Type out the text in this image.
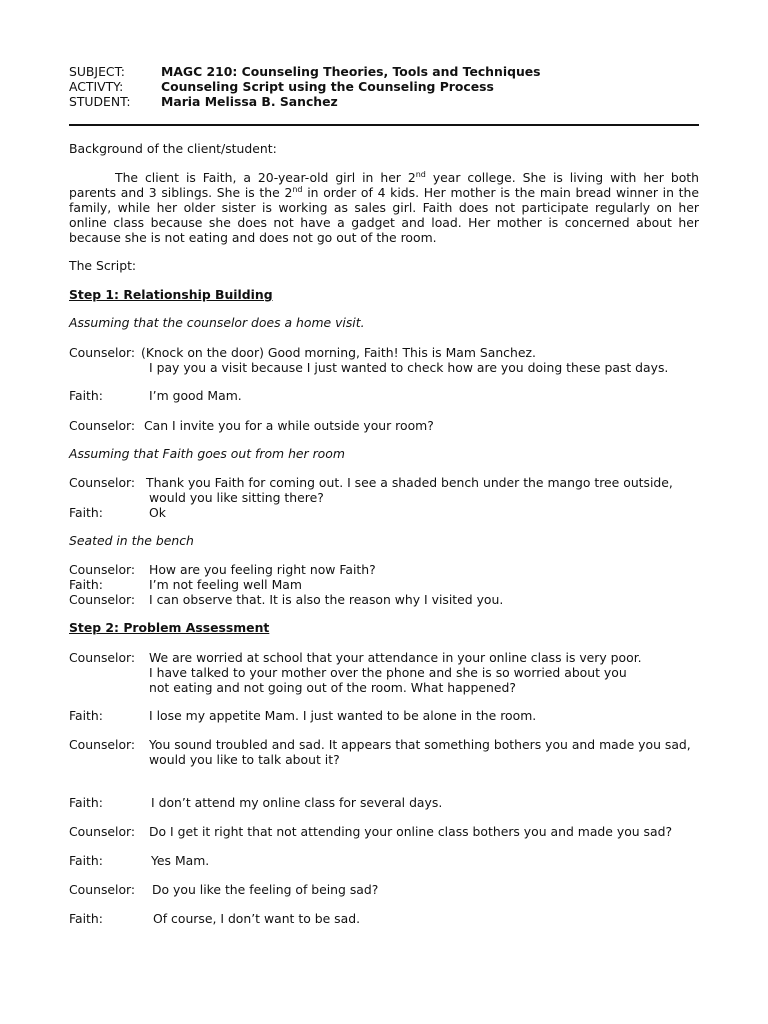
SUBJECT:	MAGC 210: Counseling Theories, Tools and Techniques
ACTIVTY:	Counseling Script using the Counseling Process
STUDENT:	Maria Melissa B. Sanchez
Background of the client/student:
The client is Faith, a 20-year-old girl in her 2nd year college. She is living with her both parents and 3 siblings. She is the 2nd in order of 4 kids. Her mother is the main bread winner in the family, while her older sister is working as sales girl. Faith does not participate regularly on her online class because she does not have a gadget and load. Her mother is concerned about her because she is not eating and does not go out of the room.
The Script:
Step 1: Relationship Building
Assuming that the counselor does a home visit.
Counselor: (Knock on the door) Good morning, Faith! This is Mam Sanchez.
I pay you a visit because I just wanted to check how are you doing these past days.
Faith:	I’m good Mam.
Counselor: Can I invite you for a while outside your room?
Assuming that Faith goes out from her room
Counselor: Thank you Faith for coming out. I see a shaded bench under the mango tree outside,
would you like sitting there?
Faith:	Ok
Seated in the bench
Counselor:	How are you feeling right now Faith?
Faith:	I’m not feeling well Mam
Counselor:	I can observe that. It is also the reason why I visited you.
Step 2: Problem Assessment
Counselor:	We are worried at school that your attendance in your online class is very poor.
I have talked to your mother over the phone and she is so worried about you
not eating and not going out of the room. What happened?
Faith:	I lose my appetite Mam. I just wanted to be alone in the room.
Counselor:	You sound troubled and sad. It appears that something bothers you and made you sad,
would you like to talk about it?
Faith:	I don’t attend my online class for several days.
Counselor:	Do I get it right that not attending your online class bothers you and made you sad?
Faith:	Yes Mam.
Counselor:	Do you like the feeling of being sad?
Faith:	Of course, I don’t want to be sad.
